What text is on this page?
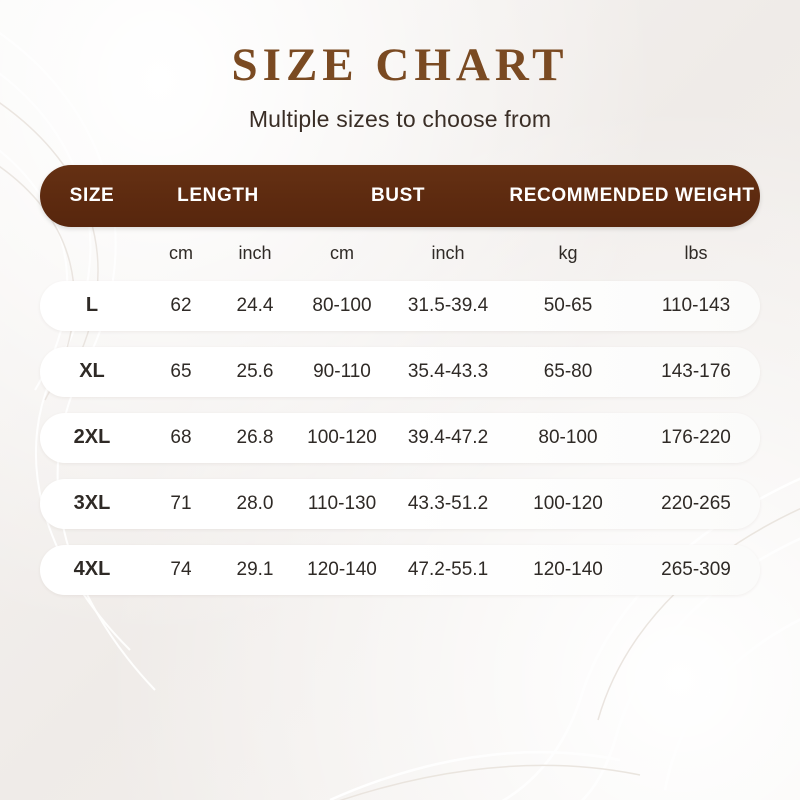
SIZE CHART
Multiple sizes to choose from
SIZE	LENGTH	BUST	RECOMMENDED WEIGHT
cm	inch	cm	inch	kg	lbs
L	62	24.4	80-100	31.5-39.4	50-65	110-143
XL	65	25.6	90-110	35.4-43.3	65-80	143-176
2XL	68	26.8	100-120	39.4-47.2	80-100	176-220
3XL	71	28.0	110-130	43.3-51.2	100-120	220-265
4XL	74	29.1	120-140	47.2-55.1	120-140	265-309
